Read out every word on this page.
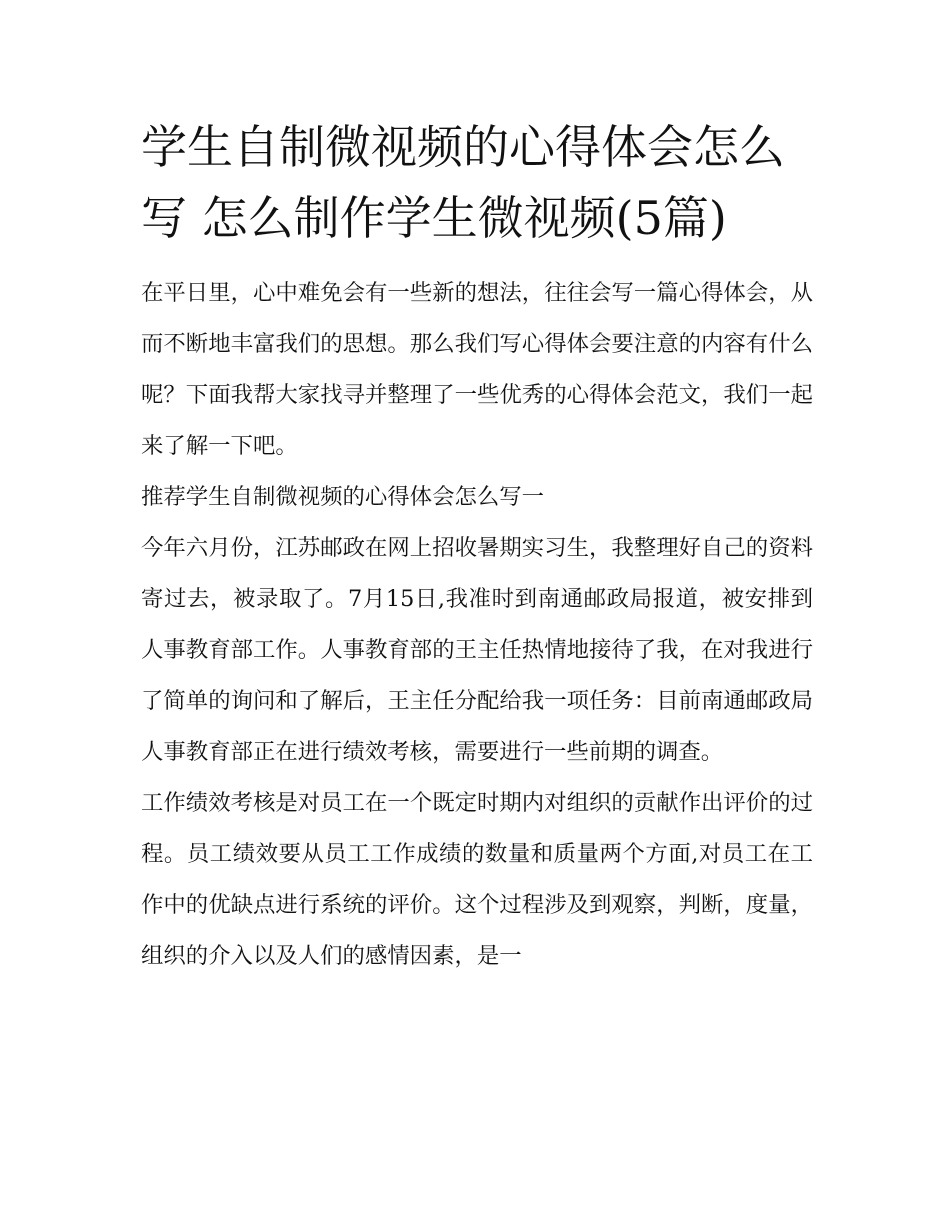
学生自制微视频的心得体会怎么写 怎么制作学生微视频(5篇)

在平日里，心中难免会有一些新的想法，往往会写一篇心得体会，从而不断地丰富我们的思想。那么我们写心得体会要注意的内容有什么呢？下面我帮大家找寻并整理了一些优秀的心得体会范文，我们一起来了解一下吧。

推荐学生自制微视频的心得体会怎么写一

今年六月份，江苏邮政在网上招收暑期实习生，我整理好自己的资料寄过去，被录取了。7月15日,我准时到南通邮政局报道，被安排到人事教育部工作。人事教育部的王主任热情地接待了我，在对我进行了简单的询问和了解后，王主任分配给我一项任务：目前南通邮政局人事教育部正在进行绩效考核，需要进行一些前期的调查。

工作绩效考核是对员工在一个既定时期内对组织的贡献作出评价的过程。员工绩效要从员工工作成绩的数量和质量两个方面,对员工在工作中的优缺点进行系统的评价。这个过程涉及到观察，判断，度量，组织的介入以及人们的感情因素，是一
